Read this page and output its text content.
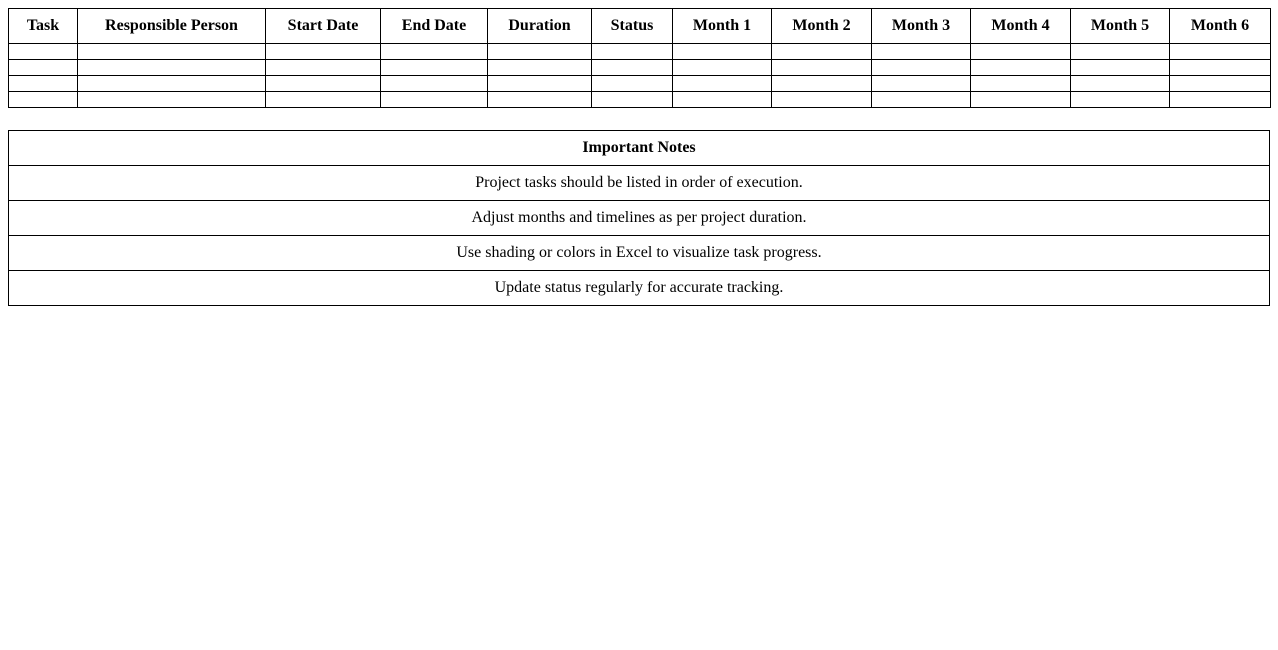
Task	Responsible Person	Start Date	End Date	Duration	Status	Month 1	Month 2	Month 3	Month 4	Month 5	Month 6

Important Notes
Project tasks should be listed in order of execution.
Adjust months and timelines as per project duration.
Use shading or colors in Excel to visualize task progress.
Update status regularly for accurate tracking.
